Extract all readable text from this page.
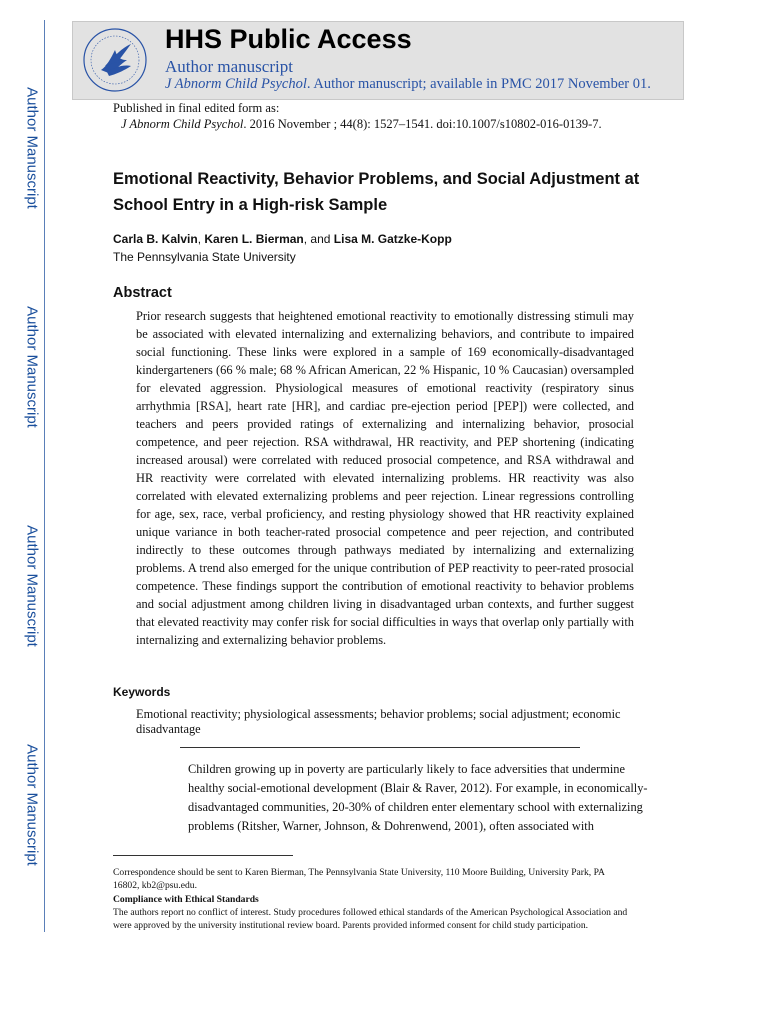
Author Manuscript
Author Manuscript
Author Manuscript
Author Manuscript
HHS Public Access
Author manuscript
J Abnorm Child Psychol. Author manuscript; available in PMC 2017 November 01.
Published in final edited form as:
J Abnorm Child Psychol. 2016 November ; 44(8): 1527–1541. doi:10.1007/s10802-016-0139-7.
Emotional Reactivity, Behavior Problems, and Social Adjustment at School Entry in a High-risk Sample
Carla B. Kalvin, Karen L. Bierman, and Lisa M. Gatzke-Kopp
The Pennsylvania State University
Abstract
Prior research suggests that heightened emotional reactivity to emotionally distressing stimuli may be associated with elevated internalizing and externalizing behaviors, and contribute to impaired social functioning. These links were explored in a sample of 169 economically-disadvantaged kindergarteners (66 % male; 68 % African American, 22 % Hispanic, 10 % Caucasian) oversampled for elevated aggression. Physiological measures of emotional reactivity (respiratory sinus arrhythmia [RSA], heart rate [HR], and cardiac pre-ejection period [PEP]) were collected, and teachers and peers provided ratings of externalizing and internalizing behavior, prosocial competence, and peer rejection. RSA withdrawal, HR reactivity, and PEP shortening (indicating increased arousal) were correlated with reduced prosocial competence, and RSA withdrawal and HR reactivity were correlated with elevated internalizing problems. HR reactivity was also correlated with elevated externalizing problems and peer rejection. Linear regressions controlling for age, sex, race, verbal proficiency, and resting physiology showed that HR reactivity explained unique variance in both teacher-rated prosocial competence and peer rejection, and contributed indirectly to these outcomes through pathways mediated by internalizing and externalizing problems. A trend also emerged for the unique contribution of PEP reactivity to peer-rated prosocial competence. These findings support the contribution of emotional reactivity to behavior problems and social adjustment among children living in disadvantaged urban contexts, and further suggest that elevated reactivity may confer risk for social difficulties in ways that overlap only partially with internalizing and externalizing behavior problems.
Keywords
Emotional reactivity; physiological assessments; behavior problems; social adjustment; economic disadvantage
Children growing up in poverty are particularly likely to face adversities that undermine healthy social-emotional development (Blair & Raver, 2012). For example, in economically-disadvantaged communities, 20-30% of children enter elementary school with externalizing problems (Ritsher, Warner, Johnson, & Dohrenwend, 2001), often associated with
Correspondence should be sent to Karen Bierman, The Pennsylvania State University, 110 Moore Building, University Park, PA 16802, kb2@psu.edu.
Compliance with Ethical Standards
The authors report no conflict of interest. Study procedures followed ethical standards of the American Psychological Association and were approved by the university institutional review board. Parents provided informed consent for child study participation.
